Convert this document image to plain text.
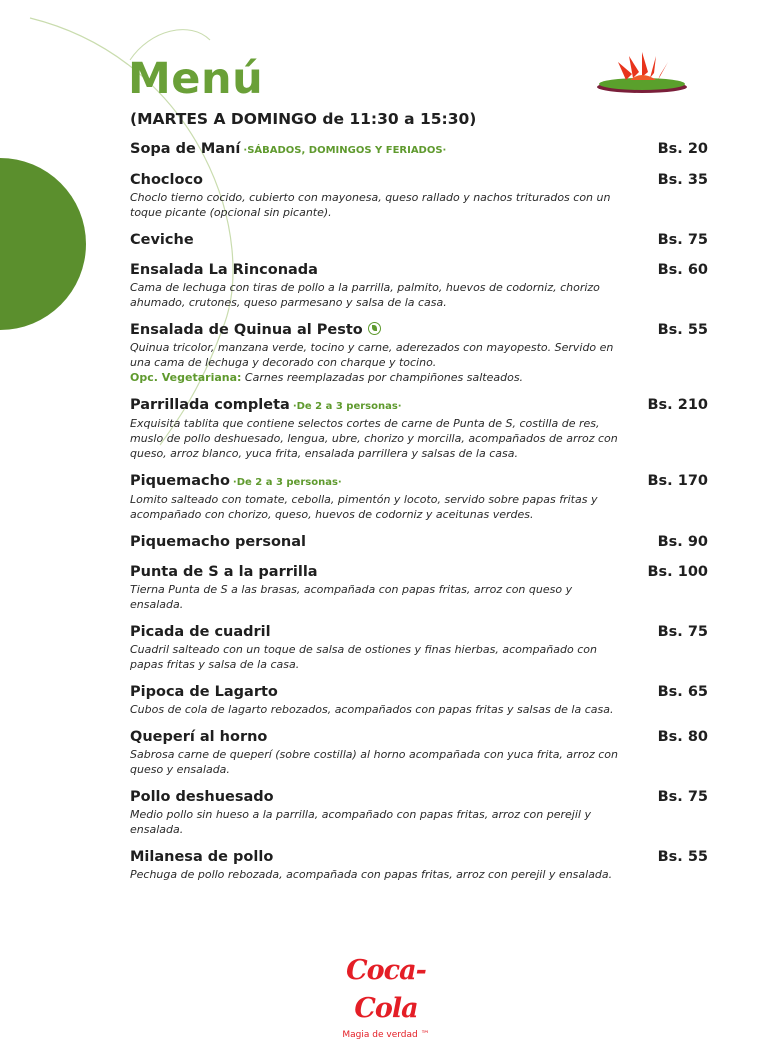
Menú
(MARTES A DOMINGO de 11:30 a 15:30)
Sopa de Maní ·SÁBADOS, DOMINGOS Y FERIADOS·	Bs. 20
Chocloco	Bs. 35
Choclo tierno cocido, cubierto con mayonesa, queso rallado y nachos triturados con un toque picante (opcional sin picante).
Ceviche	Bs. 75
Ensalada La Rinconada	Bs. 60
Cama de lechuga con tiras de pollo a la parrilla, palmito, huevos de codorniz, chorizo ahumado, crutones, queso parmesano y salsa de la casa.
Ensalada de Quinua al Pesto	Bs. 55
Quinua tricolor, manzana verde, tocino y carne, aderezados con mayopesto. Servido en una cama de lechuga y decorado con charque y tocino.
Opc. Vegetariana: Carnes reemplazadas por champiñones salteados.
Parrillada completa ·De 2 a 3 personas·	Bs. 210
Exquisita tablita que contiene selectos cortes de carne de Punta de S, costilla de res, muslo de pollo deshuesado, lengua, ubre, chorizo y morcilla, acompañados de arroz con queso, arroz blanco, yuca frita, ensalada parrillera y salsas de la casa.
Piquemacho ·De 2 a 3 personas·	Bs. 170
Lomito salteado con tomate, cebolla, pimentón y locoto, servido sobre papas fritas y acompañado con chorizo, queso, huevos de codorniz y aceitunas verdes.
Piquemacho personal	Bs. 90
Punta de S a la parrilla	Bs. 100
Tierna Punta de S a las brasas, acompañada con papas fritas, arroz con queso y ensalada.
Picada de cuadril	Bs. 75
Cuadril salteado con un toque de salsa de ostiones y finas hierbas, acompañado con papas fritas y salsa de la casa.
Pipoca de Lagarto	Bs. 65
Cubos de cola de lagarto rebozados, acompañados con papas fritas y salsas de la casa.
Queperí al horno	Bs. 80
Sabrosa carne de queperí (sobre costilla) al horno acompañada con yuca frita, arroz con queso y ensalada.
Pollo deshuesado	Bs. 75
Medio pollo sin hueso a la parrilla, acompañado con papas fritas, arroz con perejil y ensalada.
Milanesa de pollo	Bs. 55
Pechuga de pollo rebozada, acompañada con papas fritas, arroz con perejil y ensalada.
Coca-Cola
Magia de verdad ™
